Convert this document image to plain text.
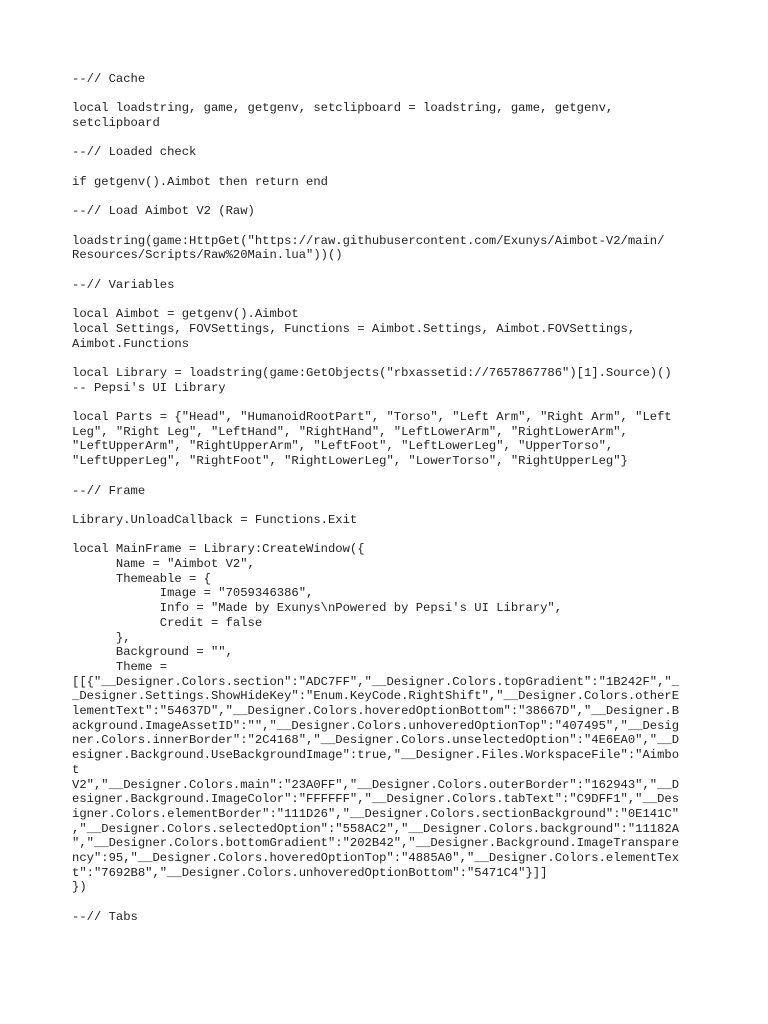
--// Cache
local loadstring, game, getgenv, setclipboard = loadstring, game, getgenv,
setclipboard
--// Loaded check
if getgenv().Aimbot then return end
--// Load Aimbot V2 (Raw)
loadstring(game:HttpGet("https://raw.githubusercontent.com/Exunys/Aimbot-V2/main/
Resources/Scripts/Raw%20Main.lua"))()
--// Variables
local Aimbot = getgenv().Aimbot
local Settings, FOVSettings, Functions = Aimbot.Settings, Aimbot.FOVSettings,
Aimbot.Functions
local Library = loadstring(game:GetObjects("rbxassetid://7657867786")[1].Source)()
-- Pepsi's UI Library
local Parts = {"Head", "HumanoidRootPart", "Torso", "Left Arm", "Right Arm", "Left
Leg", "Right Leg", "LeftHand", "RightHand", "LeftLowerArm", "RightLowerArm",
"LeftUpperArm", "RightUpperArm", "LeftFoot", "LeftLowerLeg", "UpperTorso",
"LeftUpperLeg", "RightFoot", "RightLowerLeg", "LowerTorso", "RightUpperLeg"}
--// Frame
Library.UnloadCallback = Functions.Exit
local MainFrame = Library:CreateWindow({
Name = "Aimbot V2",
Themeable = {
Image = "7059346386",
Info = "Made by Exunys\nPowered by Pepsi's UI Library",
Credit = false
},
Background = "",
Theme =
[[{"__Designer.Colors.section":"ADC7FF","__Designer.Colors.topGradient":"1B242F","_
_Designer.Settings.ShowHideKey":"Enum.KeyCode.RightShift","__Designer.Colors.otherE
lementText":"54637D","__Designer.Colors.hoveredOptionBottom":"38667D","__Designer.B
ackground.ImageAssetID":"","__Designer.Colors.unhoveredOptionTop":"407495","__Desig
ner.Colors.innerBorder":"2C4168","__Designer.Colors.unselectedOption":"4E6EA0","__D
esigner.Background.UseBackgroundImage":true,"__Designer.Files.WorkspaceFile":"Aimbo
t
V2","__Designer.Colors.main":"23A0FF","__Designer.Colors.outerBorder":"162943","__D
esigner.Background.ImageColor":"FFFFFF","__Designer.Colors.tabText":"C9DFF1","__Des
igner.Colors.elementBorder":"111D26","__Designer.Colors.sectionBackground":"0E141C"
,"__Designer.Colors.selectedOption":"558AC2","__Designer.Colors.background":"11182A
","__Designer.Colors.bottomGradient":"202B42","__Designer.Background.ImageTranspare
ncy":95,"__Designer.Colors.hoveredOptionTop":"4885A0","__Designer.Colors.elementTex
t":"7692B8","__Designer.Colors.unhoveredOptionBottom":"5471C4"}]]
})
--// Tabs
